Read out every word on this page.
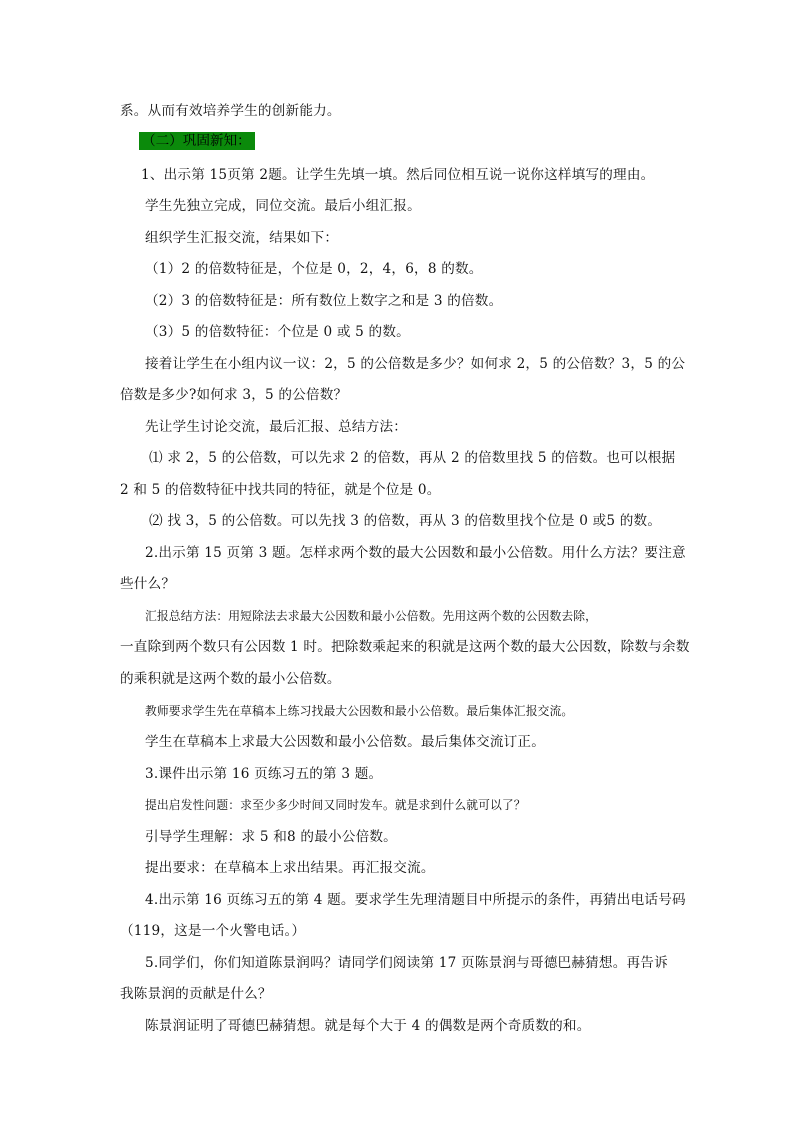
系。从而有效培养学生的创新能力。
（二）巩固新知：
1、出示第 15页第 2题。让学生先填一填。然后同位相互说一说你这样填写的理由。
学生先独立完成，同位交流。最后小组汇报。
组织学生汇报交流，结果如下：
（1）2 的倍数特征是，个位是 0，2，4，6，8 的数。
（2）3 的倍数特征是：所有数位上数字之和是 3 的倍数。
（3）5 的倍数特征：个位是 0 或 5 的数。
接着让学生在小组内议一议：2，5 的公倍数是多少？如何求 2，5 的公倍数？3，5 的公
倍数是多少?如何求 3，5 的公倍数？
先让学生讨论交流，最后汇报、总结方法：
⑴ 求 2，5 的公倍数，可以先求 2 的倍数，再从 2 的倍数里找 5 的倍数。也可以根据
2 和 5 的倍数特征中找共同的特征，就是个位是 0。
⑵ 找 3，5 的公倍数。可以先找 3 的倍数，再从 3 的倍数里找个位是 0 或5 的数。
2.出示第 15 页第 3 题。怎样求两个数的最大公因数和最小公倍数。用什么方法？要注意
些什么？
汇报总结方法：用短除法去求最大公因数和最小公倍数。先用这两个数的公因数去除，
一直除到两个数只有公因数 1 时。把除数乘起来的积就是这两个数的最大公因数，除数与余数
的乘积就是这两个数的最小公倍数。
教师要求学生先在草稿本上练习找最大公因数和最小公倍数。最后集体汇报交流。
学生在草稿本上求最大公因数和最小公倍数。最后集体交流订正。
3.课件出示第 16 页练习五的第 3 题。
提出启发性问题：求至少多少时间又同时发车。就是求到什么就可以了？
引导学生理解：求 5 和8 的最小公倍数。
提出要求：在草稿本上求出结果。再汇报交流。
4.出示第 16 页练习五的第 4 题。要求学生先理清题目中所提示的条件，再猜出电话号码
（119，这是一个火警电话。）
5.同学们，你们知道陈景润吗？请同学们阅读第 17 页陈景润与哥德巴赫猜想。再告诉
我陈景润的贡献是什么？
陈景润证明了哥德巴赫猜想。就是每个大于 4 的偶数是两个奇质数的和。
